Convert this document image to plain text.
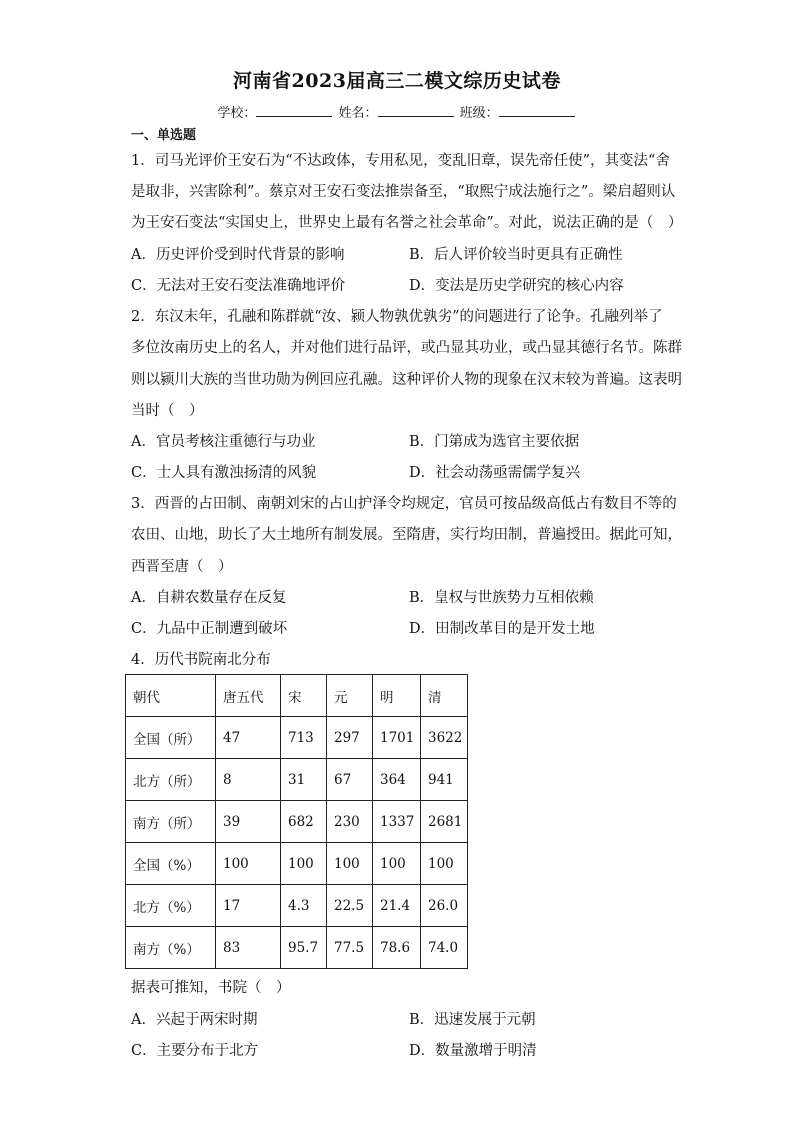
河南省2023届高三二模文综历史试卷
学校：	姓名：	班级：
一、单选题
1．司马光评价王安石为“不达政体，专用私见，变乱旧章，误先帝任使”，其变法“舍
是取非，兴害除利”。蔡京对王安石变法推崇备至，“取熙宁成法施行之”。梁启超则认
为王安石变法“实国史上，世界史上最有名誉之社会革命”。对此，说法正确的是（　）
A．历史评价受到时代背景的影响	B．后人评价较当时更具有正确性
C．无法对王安石变法准确地评价	D．变法是历史学研究的核心内容
2．东汉末年，孔融和陈群就“汝、颍人物孰优孰劣”的问题进行了论争。孔融列举了
多位汝南历史上的名人，并对他们进行品评，或凸显其功业，或凸显其德行名节。陈群
则以颍川大族的当世功勋为例回应孔融。这种评价人物的现象在汉末较为普遍。这表明
当时（　）
A．官员考核注重德行与功业	B．门第成为选官主要依据
C．士人具有激浊扬清的风貌	D．社会动荡亟需儒学复兴
3．西晋的占田制、南朝刘宋的占山护泽令均规定，官员可按品级高低占有数目不等的
农田、山地，助长了大土地所有制发展。至隋唐，实行均田制，普遍授田。据此可知，
西晋至唐（　）
A．自耕农数量存在反复	B．皇权与世族势力互相依赖
C．九品中正制遭到破坏	D．田制改革目的是开发土地
4．历代书院南北分布
朝代	唐五代	宋	元	明	清
全国（所）	47	713	297	1701	3622
北方（所）	8	31	67	364	941
南方（所）	39	682	230	1337	2681
全国（%）	100	100	100	100	100
北方（%）	17	4.3	22.5	21.4	26.0
南方（%）	83	95.7	77.5	78.6	74.0
据表可推知，书院（　）
A．兴起于两宋时期	B．迅速发展于元朝
C．主要分布于北方	D．数量激增于明清
